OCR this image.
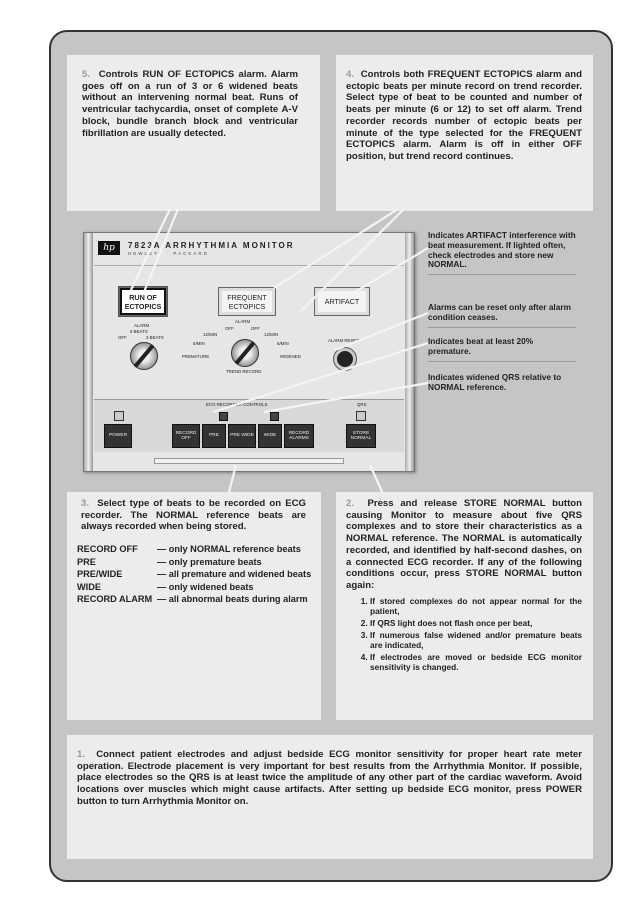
5. Controls RUN OF ECTOPICS alarm. Alarm goes off on a run of 3 or 6 widened beats without an intervening normal beat. Runs of ventricular tachycardia, onset of complete A-V block, bundle branch block and ventricular fibrillation are usually detected.
4. Controls both FREQUENT ECTOPICS alarm and ectopic beats per minute record on trend recorder. Select type of beat to be counted and number of beats per minute (6 or 12) to set off alarm. Trend recorder records number of ectopic beats per minute of the type selected for the FREQUENT ECTOPICS alarm. Alarm is off in either OFF position, but trend record continues.
Indicates ARTIFACT interference with beat measurement. If lighted often, check electrodes and store new NORMAL.
Alarms can be reset only after alarm condition ceases.
Indicates beat at least 20% premature.
Indicates widened QRS relative to NORMAL reference.
hp	7823A ARRHYTHMIA MONITOR
HEWLETT · PACKARD
RUN OF ECTOPICS
FREQUENT ECTOPICS	ARTIFACT
ALARM
6 BEATS
OFF	3 BEATS
ALARM
OFF	OFF
12/MIN	12/MIN
6/MIN	6/MIN
PREMATURE	WIDENED
TREND RECORD
ALARM RESET
ECG RECORDER CONTROLS	QRS
POWER
RECORD OFF
PRE PRE WIDE WIDE
RECORD ALARMS
STORE NORMAL
3. Select type of beats to be recorded on ECG recorder. The NORMAL reference beats are always recorded when being stored.
RECORD OFF	— only NORMAL reference beats
PRE	— only premature beats
PRE/WIDE	— all premature and widened beats
WIDE	— only widened beats
RECORD ALARM — all abnormal beats during alarm
2. Press and release STORE NORMAL button causing Monitor to measure about five QRS complexes and to store their characteristics as a NORMAL reference. The NORMAL is automatically recorded, and identified by half-second dashes, on a connected ECG recorder. If any of the following conditions occur, press STORE NORMAL button again:
1. If stored complexes do not appear normal for the patient,
2. If QRS light does not flash once per beat,
3. If numerous false widened and/or premature beats are indicated,
4. If electrodes are moved or bedside ECG monitor sensitivity is changed.
1. Connect patient electrodes and adjust bedside ECG monitor sensitivity for proper heart rate meter operation. Electrode placement is very important for best results from the Arrhythmia Monitor. If possible, place electrodes so the QRS is at least twice the amplitude of any other part of the cardiac waveform. Avoid locations over muscles which might cause artifacts. After setting up bedside ECG monitor, press POWER button to turn Arrhythmia Monitor on.
